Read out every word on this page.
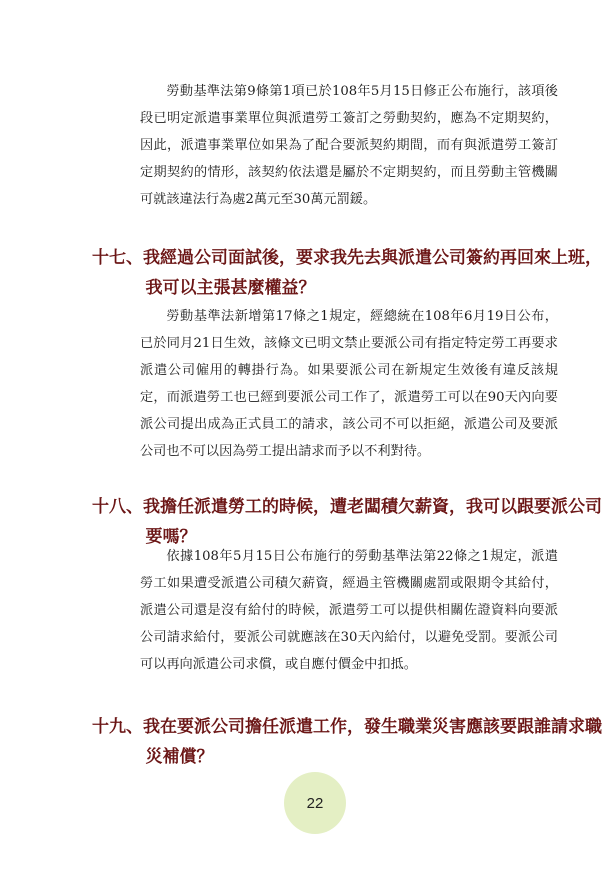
勞動基準法第9條第1項已於108年5月15日修正公布施行，該項後段已明定派遣事業單位與派遣勞工簽訂之勞動契約，應為不定期契約，因此，派遣事業單位如果為了配合要派契約期間，而有與派遣勞工簽訂定期契約的情形，該契約依法還是屬於不定期契約，而且勞動主管機關可就該違法行為處2萬元至30萬元罰鍰。

十七、我經過公司面試後，要求我先去與派遣公司簽約再回來上班，我可以主張甚麼權益？

勞動基準法新增第17條之1規定，經總統在108年6月19日公布，已於同月21日生效，該條文已明文禁止要派公司有指定特定勞工再要求派遣公司僱用的轉掛行為。如果要派公司在新規定生效後有違反該規定，而派遣勞工也已經到要派公司工作了，派遣勞工可以在90天內向要派公司提出成為正式員工的請求，該公司不可以拒絕，派遣公司及要派公司也不可以因為勞工提出請求而予以不利對待。

十八、我擔任派遣勞工的時候，遭老闆積欠薪資，我可以跟要派公司要嗎？

依據108年5月15日公布施行的勞動基準法第22條之1規定，派遣勞工如果遭受派遣公司積欠薪資，經過主管機關處罰或限期令其給付，派遣公司還是沒有給付的時候，派遣勞工可以提供相關佐證資料向要派公司請求給付，要派公司就應該在30天內給付，以避免受罰。要派公司可以再向派遣公司求償，或自應付價金中扣抵。

十九、我在要派公司擔任派遣工作，發生職業災害應該要跟誰請求職災補償？

22
